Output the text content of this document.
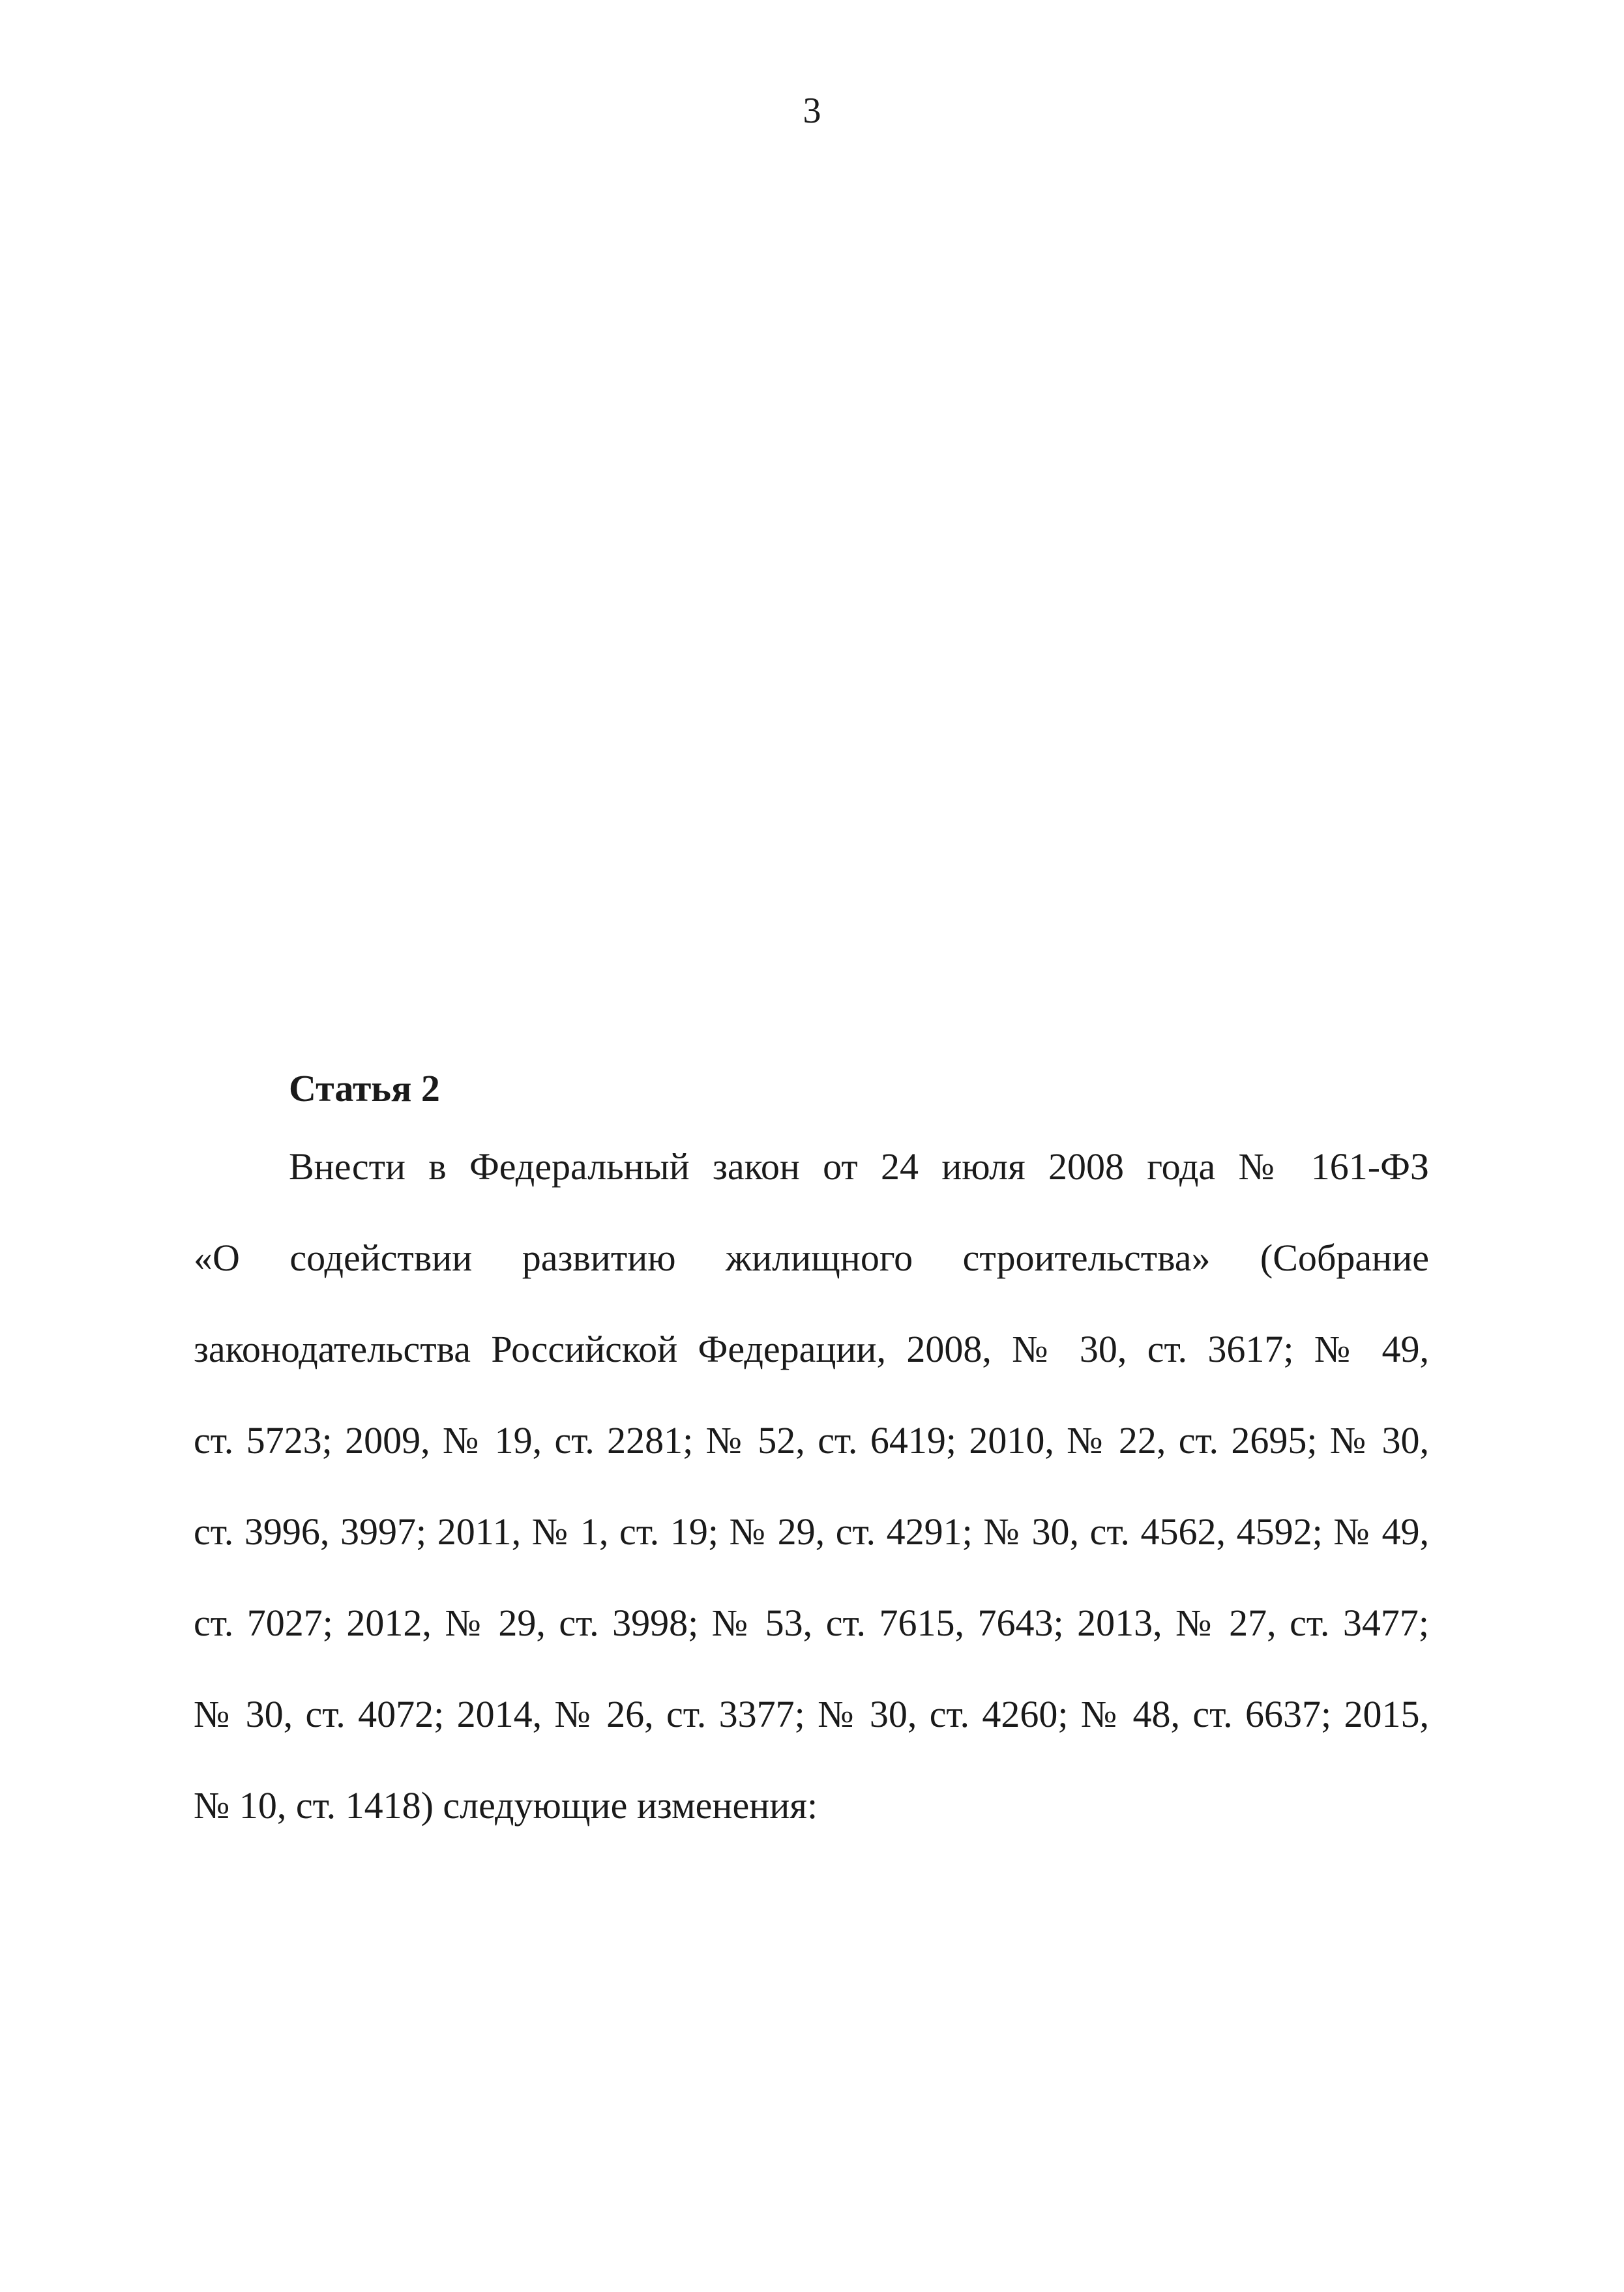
3
Статья 2
Внести в Федеральный закон от 24 июля 2008 года № 161-ФЗ
«О содействии развитию жилищного строительства» (Собрание
законодательства Российской Федерации, 2008, № 30, ст. 3617; № 49,
ст. 5723; 2009, № 19, ст. 2281; № 52, ст. 6419; 2010, № 22, ст. 2695; № 30,
ст. 3996, 3997; 2011, № 1, ст. 19; № 29, ст. 4291; № 30, ст. 4562, 4592; № 49,
ст. 7027; 2012, № 29, ст. 3998; № 53, ст. 7615, 7643; 2013, № 27, ст. 3477;
№ 30, ст. 4072; 2014, № 26, ст. 3377; № 30, ст. 4260; № 48, ст. 6637; 2015,
№ 10, ст. 1418) следующие изменения:
